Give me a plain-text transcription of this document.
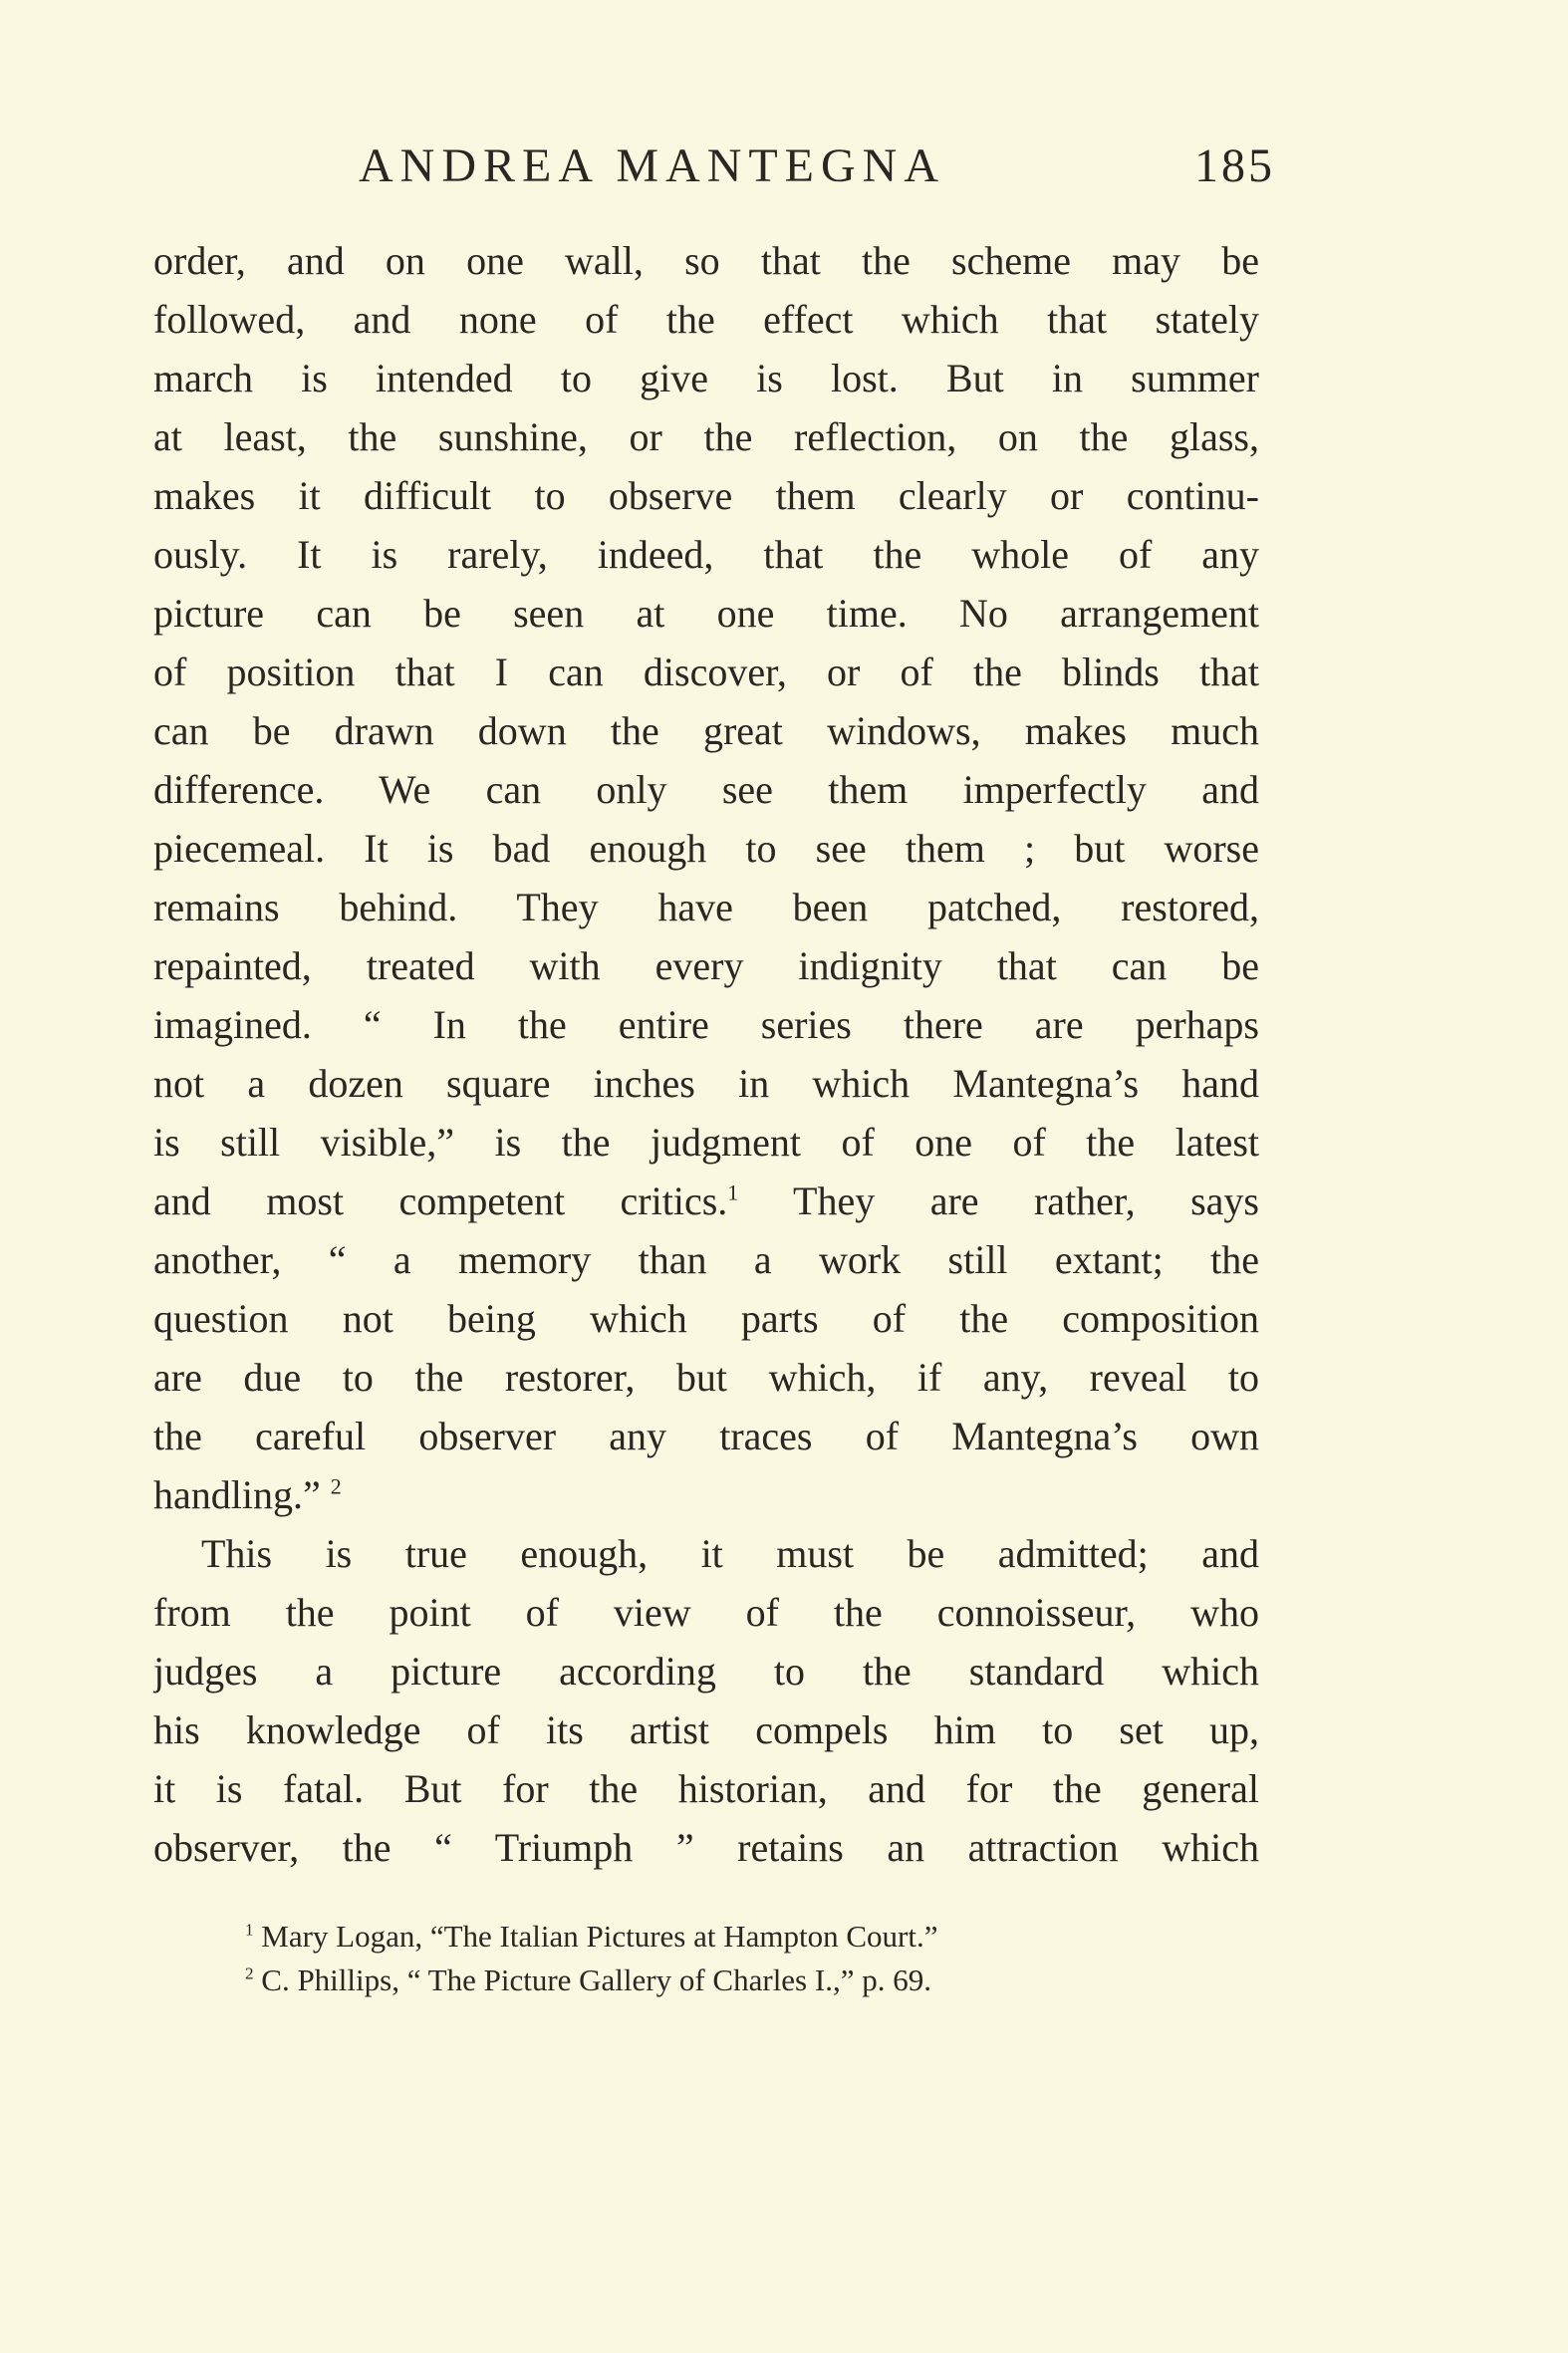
ANDREA MANTEGNA	185
order, and on one wall, so that the scheme may be
followed, and none of the effect which that stately
march is intended to give is lost. But in summer
at least, the sunshine, or the reflection, on the glass,
makes it difficult to observe them clearly or continu-
ously. It is rarely, indeed, that the whole of any
picture can be seen at one time. No arrangement
of position that I can discover, or of the blinds that
can be drawn down the great windows, makes much
difference. We can only see them imperfectly and
piecemeal. It is bad enough to see them ; but worse
remains behind. They have been patched, restored,
repainted, treated with every indignity that can be
imagined. “ In the entire series there are perhaps
not a dozen square inches in which Mantegna’s hand
is still visible,” is the judgment of one of the latest
and most competent critics.$^1$ They are rather, says
another, “ a memory than a work still extant; the
question not being which parts of the composition
are due to the restorer, but which, if any, reveal to
the careful observer any traces of Mantegna’s own
handling.” $^2$
This is true enough, it must be admitted; and
from the point of view of the connoisseur, who
judges a picture according to the standard which
his knowledge of its artist compels him to set up,
it is fatal. But for the historian, and for the general
observer, the “ Triumph ” retains an attraction which
$^1$ Mary Logan, “The Italian Pictures at Hampton Court.”
$^2$ C. Phillips, “ The Picture Gallery of Charles I.,” p. 69.
